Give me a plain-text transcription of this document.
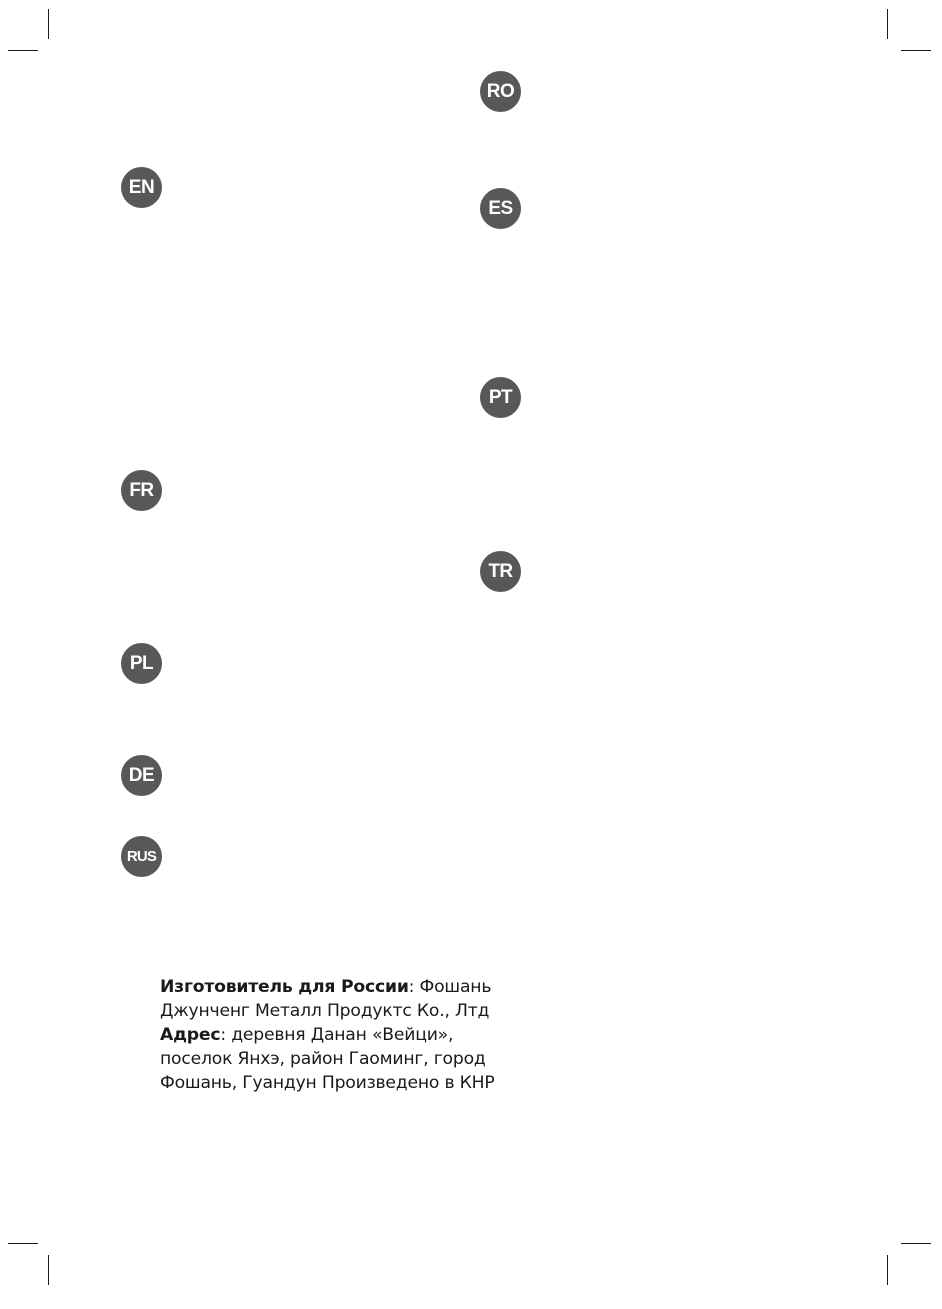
EN
FR
PL
DE
RUS
RO
ES
PT
TR
Изготовитель для России: Фошань
Джунченг Металл Продуктс Ко., Лтд
Адрес: деревня Данан «Вейци»,
поселок Янхэ, район Гаоминг, город
Фошань, Гуандун Произведено в КНР
